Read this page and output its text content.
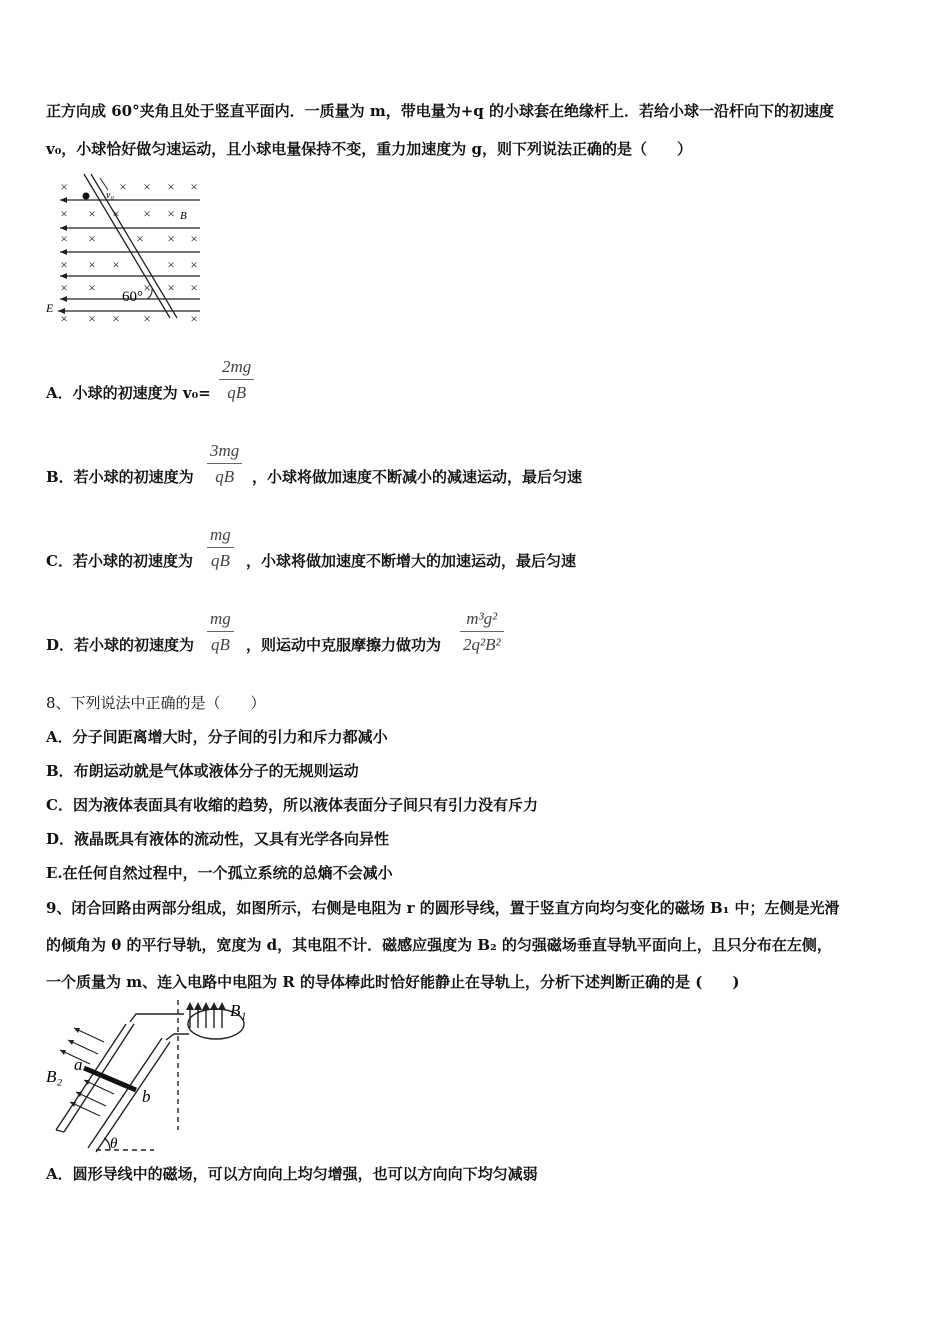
正方向成 60°夹角且处于竖直平面内．一质量为 m，带电量为+q 的小球套在绝缘杆上．若给小球一沿杆向下的初速度
v₀，小球恰好做匀速运动，且小球电量保持不变，重力加速度为 g，则下列说法正确的是（　　）
×	× × × ×
× × × × ×
× ×	× × ×
× × ×	× ×
× ×	× × ×
× × × ×	×
v₀
B
60°
E
A．小球的初速度为 v₀=
2mg
qB
B．若小球的初速度为
3mg
qB	，小球将做加速度不断减小的减速运动，最后匀速
C．若小球的初速度为
mg
qB ，小球将做加速度不断增大的加速运动，最后匀速
D．若小球的初速度为
mg
qB ，则运动中克服摩擦力做功为
m³g²
2q²B²
8、下列说法中正确的是（　　）
A．分子间距离增大时，分子间的引力和斥力都减小
B．布朗运动就是气体或液体分子的无规则运动
C．因为液体表面具有收缩的趋势，所以液体表面分子间只有引力没有斥力
D．液晶既具有液体的流动性，又具有光学各向异性
E.在任何自然过程中，一个孤立系统的总熵不会减小
9、闭合回路由两部分组成，如图所示，右侧是电阻为 r 的圆形导线，置于竖直方向均匀变化的磁场 B₁ 中；左侧是光滑
的倾角为 θ 的平行导轨，宽度为 d，其电阻不计．磁感应强度为 B₂ 的匀强磁场垂直导轨平面向上，且只分布在左侧，
一个质量为 m、连入电路中电阻为 R 的导体棒此时恰好能静止在导轨上，分析下述判断正确的是 (　　)
B₁
B₂
a
b
θ
A．圆形导线中的磁场，可以方向向上均匀增强，也可以方向向下均匀减弱
